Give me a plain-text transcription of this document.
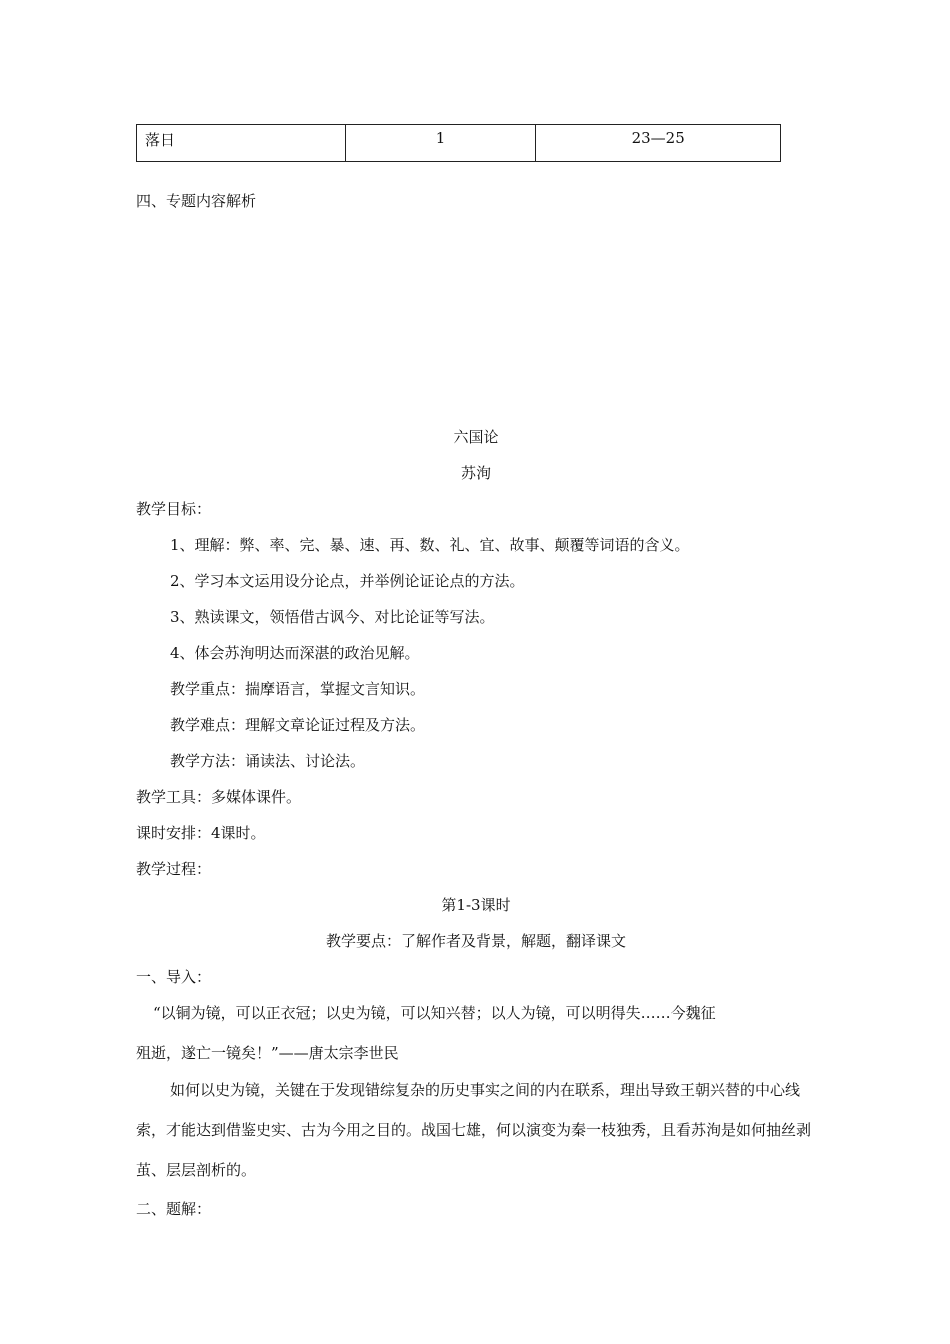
落日	1	23—25
四、专题内容解析
六国论
苏洵
教学目标：
1、理解：弊、率、完、暴、速、再、数、礼、宜、故事、颠覆等词语的含义。
2、学习本文运用设分论点，并举例论证论点的方法。
3、熟读课文，领悟借古讽今、对比论证等写法。
4、体会苏洵明达而深湛的政治见解。
教学重点：揣摩语言，掌握文言知识。
教学难点：理解文章论证过程及方法。
教学方法：诵读法、讨论法。
教学工具：多媒体课件。
课时安排：4课时。
教学过程：
第1-3课时
教学要点：了解作者及背景，解题，翻译课文
一、导入：
“以铜为镜，可以正衣冠；以史为镜，可以知兴替；以人为镜，可以明得失……今魏征
殂逝，遂亡一镜矣！”——唐太宗李世民
如何以史为镜，关键在于发现错综复杂的历史事实之间的内在联系，理出导致王朝兴替的中心线索，才能达到借鉴史实、古为今用之目的。战国七雄，何以演变为秦一枝独秀，且看苏洵是如何抽丝剥茧、层层剖析的。
二、题解：
